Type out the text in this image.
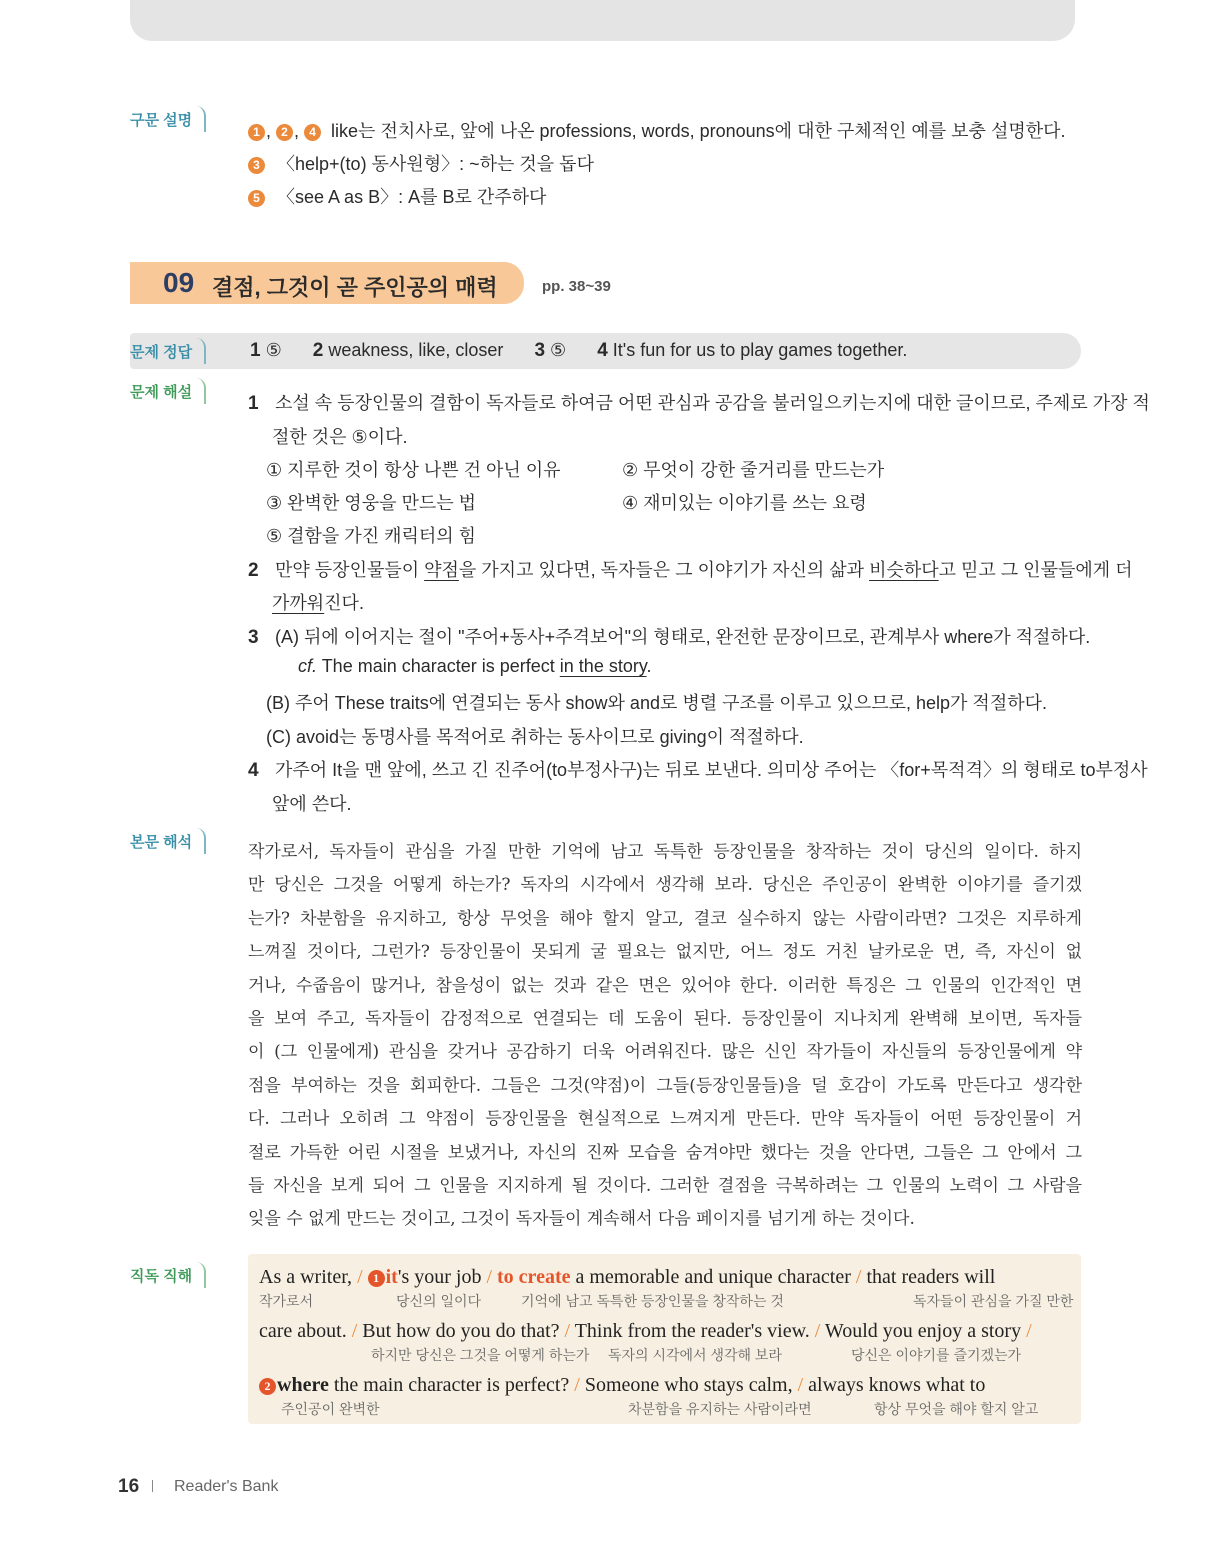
구문 설명
1 , 2 , 4 like는 전치사로, 앞에 나온 professions, words, pronouns에 대한 구체적인 예를 보충 설명한다.
3 〈help+(to) 동사원형〉: ~하는 것을 돕다
5 〈see A as B〉: A를 B로 간주하다
09 결점, 그것이 곧 주인공의 매력	pp. 38~39
문제 정답	1 ⑤ 2 weakness, like, closer 3 ⑤ 4 It's fun for us to play games together.
문제 해설
1 소설 속 등장인물의 결함이 독자들로 하여금 어떤 관심과 공감을 불러일으키는지에 대한 글이므로, 주제로 가장 적
절한 것은 ⑤이다.
① 지루한 것이 항상 나쁜 건 아닌 이유	② 무엇이 강한 줄거리를 만드는가
③ 완벽한 영웅을 만드는 법	④ 재미있는 이야기를 쓰는 요령
⑤ 결함을 가진 캐릭터의 힘
2 만약 등장인물들이 약점을 가지고 있다면, 독자들은 그 이야기가 자신의 삶과 비슷하다고 믿고 그 인물들에게 더
가까워진다.
3 (A) 뒤에 이어지는 절이 "주어+동사+주격보어"의 형태로, 완전한 문장이므로, 관계부사 where가 적절하다.
cf. The main character is perfect in the story.
(B) 주어 These traits에 연결되는 동사 show와 and로 병렬 구조를 이루고 있으므로, help가 적절하다.
(C) avoid는 동명사를 목적어로 취하는 동사이므로 giving이 적절하다.
4 가주어 It을 맨 앞에, 쓰고 긴 진주어(to부정사구)는 뒤로 보낸다. 의미상 주어는 〈for+목적격〉의 형태로 to부정사
앞에 쓴다.
본문 해석	작가로서, 독자들이 관심을 가질 만한 기억에 남고 독특한 등장인물을 창작하는 것이 당신의 일이다. 하지
만 당신은 그것을 어떻게 하는가? 독자의 시각에서 생각해 보라. 당신은 주인공이 완벽한 이야기를 즐기겠
는가? 차분함을 유지하고, 항상 무엇을 해야 할지 알고, 결코 실수하지 않는 사람이라면? 그것은 지루하게
느껴질 것이다, 그런가? 등장인물이 못되게 굴 필요는 없지만, 어느 정도 거친 날카로운 면, 즉, 자신이 없
거나, 수줍음이 많거나, 참을성이 없는 것과 같은 면은 있어야 한다. 이러한 특징은 그 인물의 인간적인 면
을 보여 주고, 독자들이 감정적으로 연결되는 데 도움이 된다. 등장인물이 지나치게 완벽해 보이면, 독자들
이 (그 인물에게) 관심을 갖거나 공감하기 더욱 어려워진다. 많은 신인 작가들이 자신들의 등장인물에게 약
점을 부여하는 것을 회피한다. 그들은 그것(약점)이 그들(등장인물들)을 덜 호감이 가도록 만든다고 생각한
다. 그러나 오히려 그 약점이 등장인물을 현실적으로 느껴지게 만든다. 만약 독자들이 어떤 등장인물이 거
절로 가득한 어린 시절을 보냈거나, 자신의 진짜 모습을 숨겨야만 했다는 것을 안다면, 그들은 그 안에서 그
들 자신을 보게 되어 그 인물을 지지하게 될 것이다. 그러한 결점을 극복하려는 그 인물의 노력이 그 사람을
잊을 수 없게 만드는 것이고, 그것이 독자들이 계속해서 다음 페이지를 넘기게 하는 것이다.
직독 직해	As a writer, / 1 it's your job / to create a memorable and unique character / that readers will
작가로서	당신의 일이다	기억에 남고 독특한 등장인물을 창작하는 것	독자들이 관심을 가질 만한
care about. / But how do you do that? / Think from the reader's view. / Would you enjoy a story /
하지만 당신은 그것을 어떻게 하는가 독자의 시각에서 생각해 보라	당신은 이야기를 즐기겠는가
2 where the main character is perfect? / Someone who stays calm, / always knows what to
주인공이 완벽한	차분함을 유지하는 사람이라면	항상 무엇을 해야 할지 알고
16 Reader's Bank
